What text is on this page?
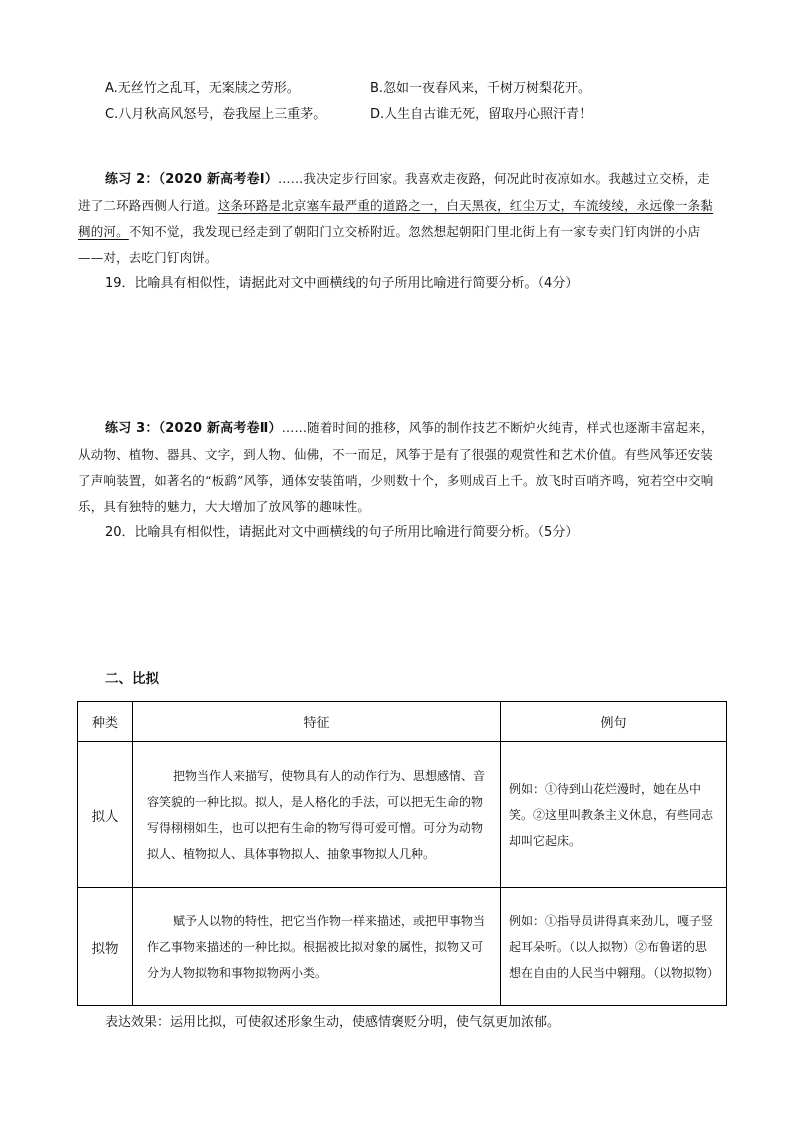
A.无丝竹之乱耳，无案牍之劳形。	B.忽如一夜春风来，千树万树梨花开。
C.八月秋高风怒号，卷我屋上三重茅。	D.人生自古谁无死，留取丹心照汗青！
练习 2：（2020 新高考卷Ⅰ）……我决定步行回家。我喜欢走夜路，何况此时夜凉如水。我越过立交桥，走进了二环路西侧人行道。这条环路是北京塞车最严重的道路之一，白天黑夜，红尘万丈，车流绫绫，永远像一条黏稠的河。不知不觉，我发现已经走到了朝阳门立交桥附近。忽然想起朝阳门里北街上有一家专卖门钉肉饼的小店——对，去吃门钉肉饼。
19．比喻具有相似性，请据此对文中画横线的句子所用比喻进行简要分析。（4分）
练习 3：（2020 新高考卷Ⅱ）……随着时间的推移，风筝的制作技艺不断炉火纯青，样式也逐渐丰富起来，从动物、植物、器具、文字，到人物、仙佛，不一而足，风筝于是有了很强的观赏性和艺术价值。有些风筝还安装了声响装置，如著名的“板鹞”风筝，通体安装笛哨，少则数十个，多则成百上千。放飞时百哨齐鸣，宛若空中交响乐，具有独特的魅力，大大增加了放风筝的趣味性。
20．比喻具有相似性，请据此对文中画横线的句子所用比喻进行简要分析。（5分）
二、比拟
种类	特征	例句
拟人	把物当作人来描写，使物具有人的动作行为、思想感情、音容笑貌的一种比拟。拟人，是人格化的手法，可以把无生命的物写得栩栩如生，也可以把有生命的物写得可爱可憎。可分为动物拟人、植物拟人、具体事物拟人、抽象事物拟人几种。	例如：①待到山花烂漫时，她在丛中笑。②这里叫教条主义休息，有些同志却叫它起床。

拟物	赋予人以物的特性，把它当作物一样来描述，或把甲事物当作乙事物来描述的一种比拟。根据被比拟对象的属性，拟物又可分为人物拟物和事物拟物两小类。	例如：①指导员讲得真来劲儿，嘎子竖起耳朵听。（以人拟物）②布鲁诺的思想在自由的人民当中翱翔。（以物拟物）
表达效果：运用比拟，可使叙述形象生动，使感情褒贬分明，使气氛更加浓郁。
